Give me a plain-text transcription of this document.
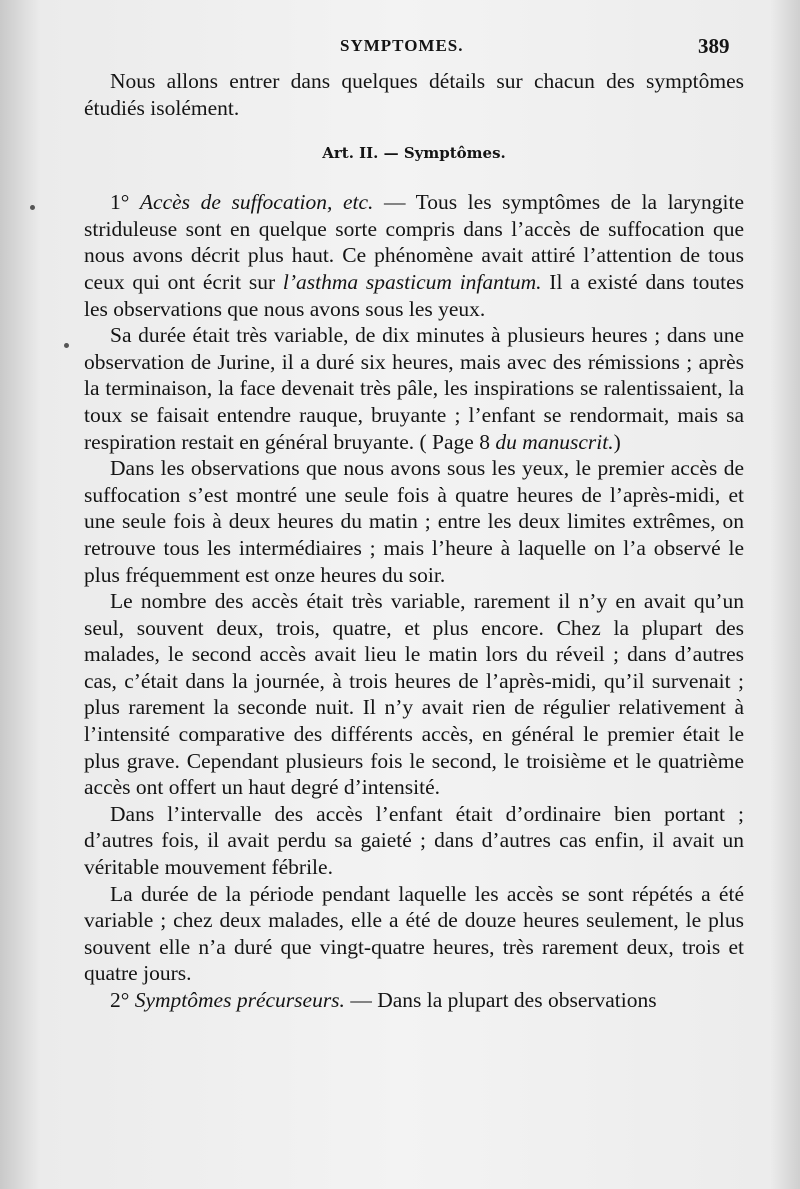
SYMPTOMES.	389

Nous allons entrer dans quelques détails sur chacun des symptômes étudiés isolément.

Art. II. — Symptômes.

1° Accès de suffocation, etc. — Tous les symptômes de la laryngite striduleuse sont en quelque sorte compris dans l’accès de suffocation que nous avons décrit plus haut. Ce phénomène avait attiré l’attention de tous ceux qui ont écrit sur l’asthma spasticum infantum. Il a existé dans toutes les observations que nous avons sous les yeux.

Sa durée était très variable, de dix minutes à plusieurs heures ; dans une observation de Jurine, il a duré six heures, mais avec des rémissions ; après la terminaison, la face devenait très pâle, les inspirations se ralentissaient, la toux se faisait entendre rauque, bruyante ; l’enfant se rendormait, mais sa respiration restait en général bruyante. ( Page 8 du manuscrit.)

Dans les observations que nous avons sous les yeux, le premier accès de suffocation s’est montré une seule fois à quatre heures de l’après-midi, et une seule fois à deux heures du matin ; entre les deux limites extrêmes, on retrouve tous les intermédiaires ; mais l’heure à laquelle on l’a observé le plus fréquemment est onze heures du soir.

Le nombre des accès était très variable, rarement il n’y en avait qu’un seul, souvent deux, trois, quatre, et plus encore. Chez la plupart des malades, le second accès avait lieu le matin lors du réveil ; dans d’autres cas, c’était dans la journée, à trois heures de l’après-midi, qu’il survenait ; plus rarement la seconde nuit. Il n’y avait rien de régulier relativement à l’intensité comparative des différents accès, en général le premier était le plus grave. Cependant plusieurs fois le second, le troisième et le quatrième accès ont offert un haut degré d’intensité.

Dans l’intervalle des accès l’enfant était d’ordinaire bien portant ; d’autres fois, il avait perdu sa gaieté ; dans d’autres cas enfin, il avait un véritable mouvement fébrile.

La durée de la période pendant laquelle les accès se sont répétés a été variable ; chez deux malades, elle a été de douze heures seulement, le plus souvent elle n’a duré que vingt-quatre heures, très rarement deux, trois et quatre jours.

2° Symptômes précurseurs. — Dans la plupart des observations
